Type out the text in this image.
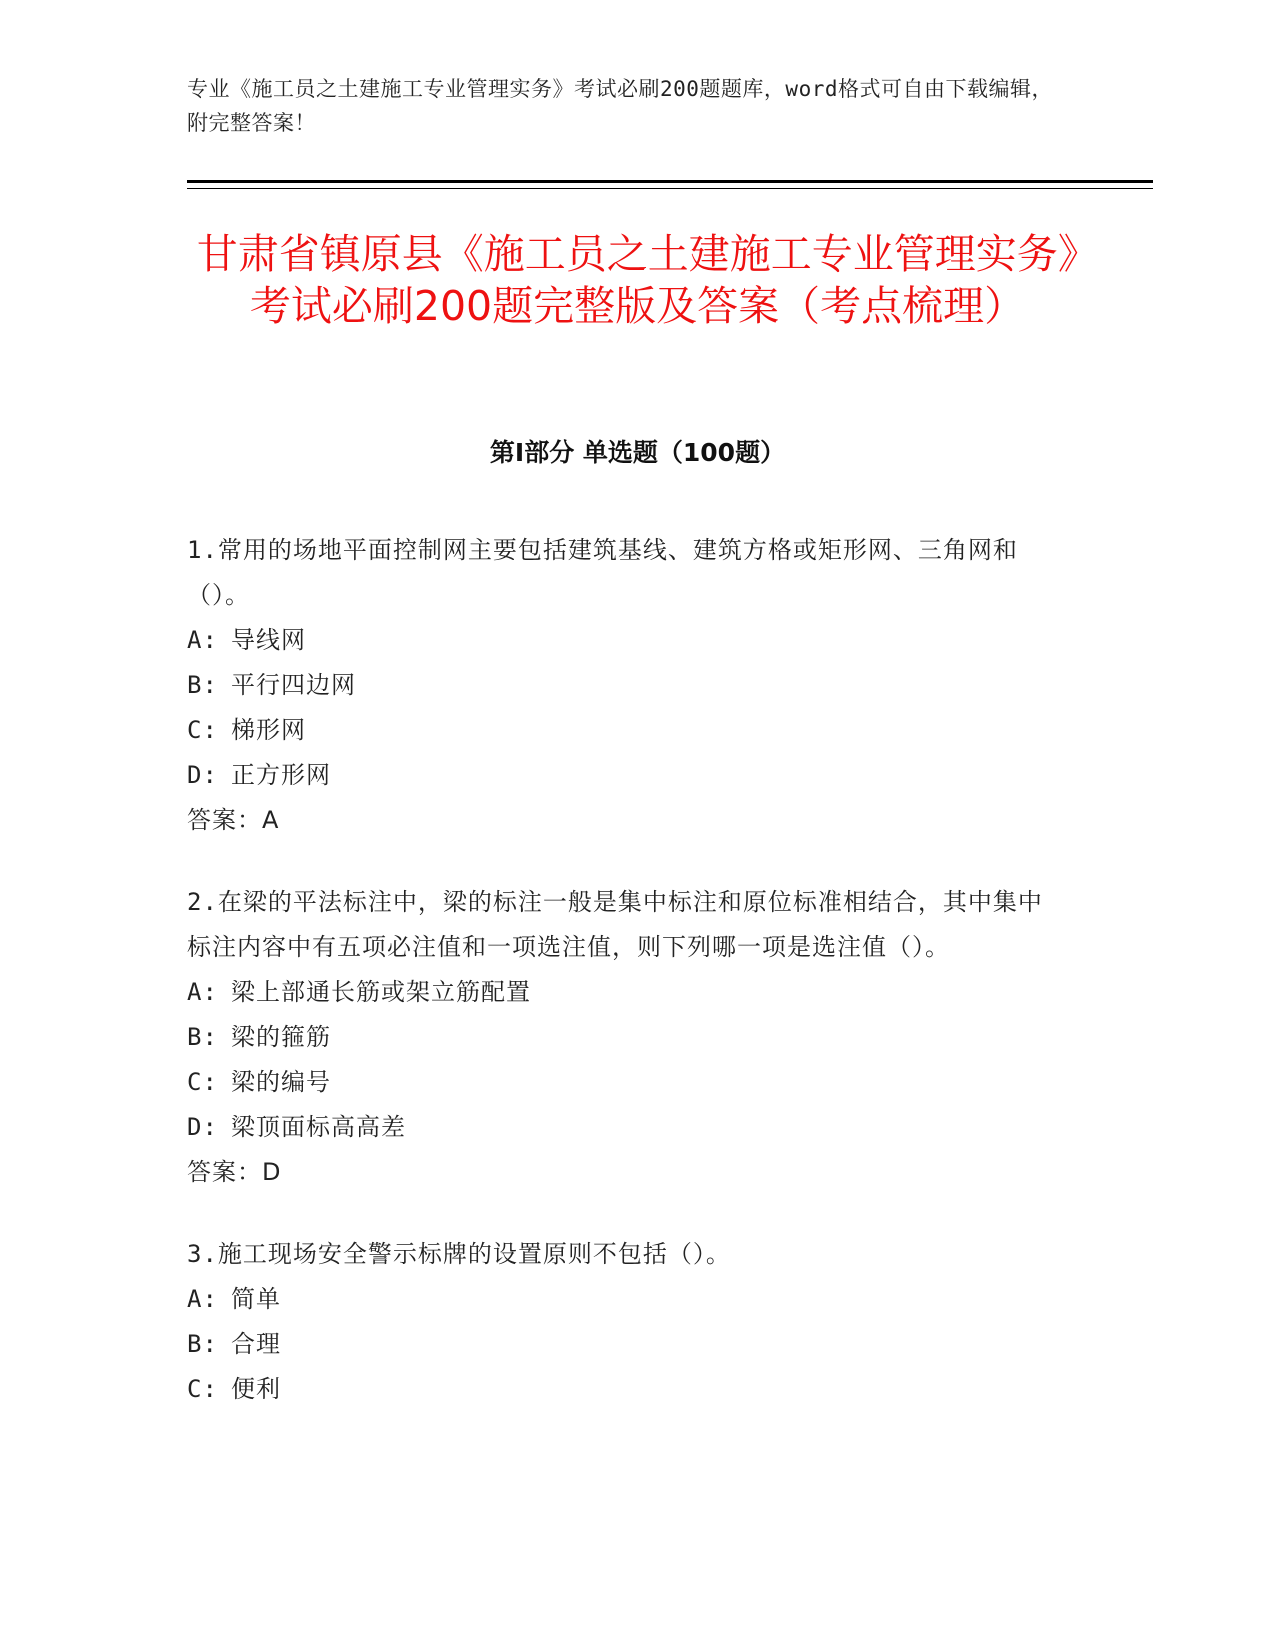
专业《施工员之土建施工专业管理实务》考试必刷200题题库，word格式可自由下载编辑，附完整答案！
甘肃省镇原县《施工员之土建施工专业管理实务》考试必刷200题完整版及答案（考点梳理）
第Ⅰ部分 单选题（100题）
1.常用的场地平面控制网主要包括建筑基线、建筑方格或矩形网、三角网和（）。
A: 导线网
B: 平行四边网
C: 梯形网
D: 正方形网
答案：A
2.在梁的平法标注中，梁的标注一般是集中标注和原位标准相结合，其中集中标注内容中有五项必注值和一项选注值，则下列哪一项是选注值（）。
A: 梁上部通长筋或架立筋配置
B: 梁的箍筋
C: 梁的编号
D: 梁顶面标高高差
答案：D
3.施工现场安全警示标牌的设置原则不包括（）。
A: 简单
B: 合理
C: 便利
